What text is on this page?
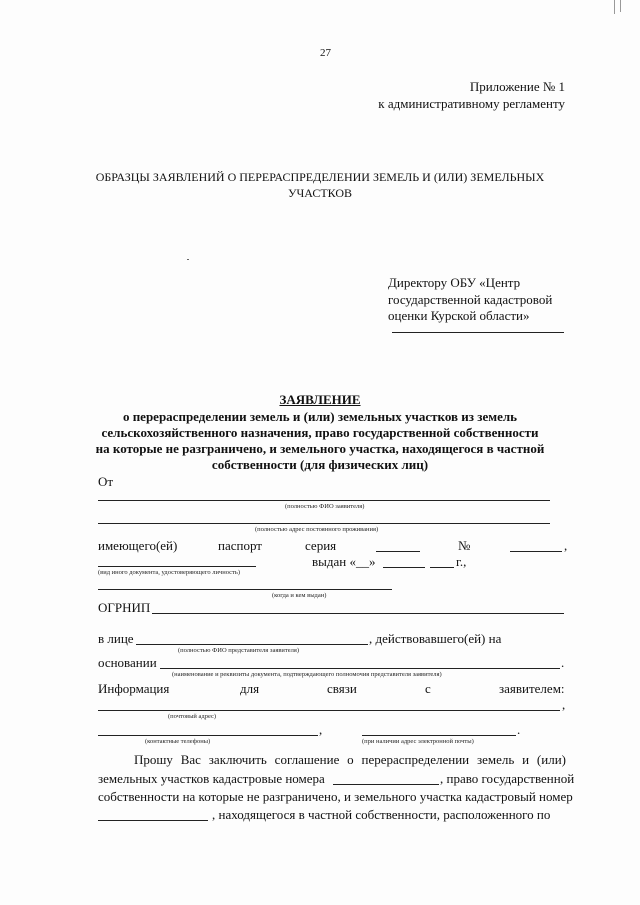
27
Приложение № 1
к административному регламенту
ОБРАЗЦЫ ЗАЯВЛЕНИЙ О ПЕРЕРАСПРЕДЕЛЕНИИ ЗЕМЕЛЬ И (ИЛИ) ЗЕМЕЛЬНЫХ
УЧАСТКОВ
Директору ОБУ «Центр
государственной кадастровой
оценки Курской области»
ЗАЯВЛЕНИЕ
о перераспределении земель и (или) земельных участков из земель
сельскохозяйственного назначения, право государственной собственности
на которые не разграничено, и земельного участка, находящегося в частной
собственности (для физических лиц)
От
(полностью ФИО заявителя)
(полностью адрес постоянного проживания)
имеющего(ей)	паспорт	серия	№	,
выдан «__»	г.,
(вид иного документа, удостоверяющего личность)
(когда и кем выдан)
ОГРНИП
в лице	, действовавшего(ей) на
(полностью ФИО представителя заявителя)
основании	.
(наименование и реквизиты документа, подтверждающего полномочия представителя заявителя)
Информация	для	связи	с	заявителем:
,
(почтовый адрес)
,	.
(контактные телефоны)	(при наличии адрес электронной почты)
Прошу Вас заключить соглашение о перераспределении земель и (или)
земельных участков кадастровые номера	, право государственной
собственности на которые не разграничено, и земельного участка кадастровый номер
, находящегося в частной собственности, расположенного по
